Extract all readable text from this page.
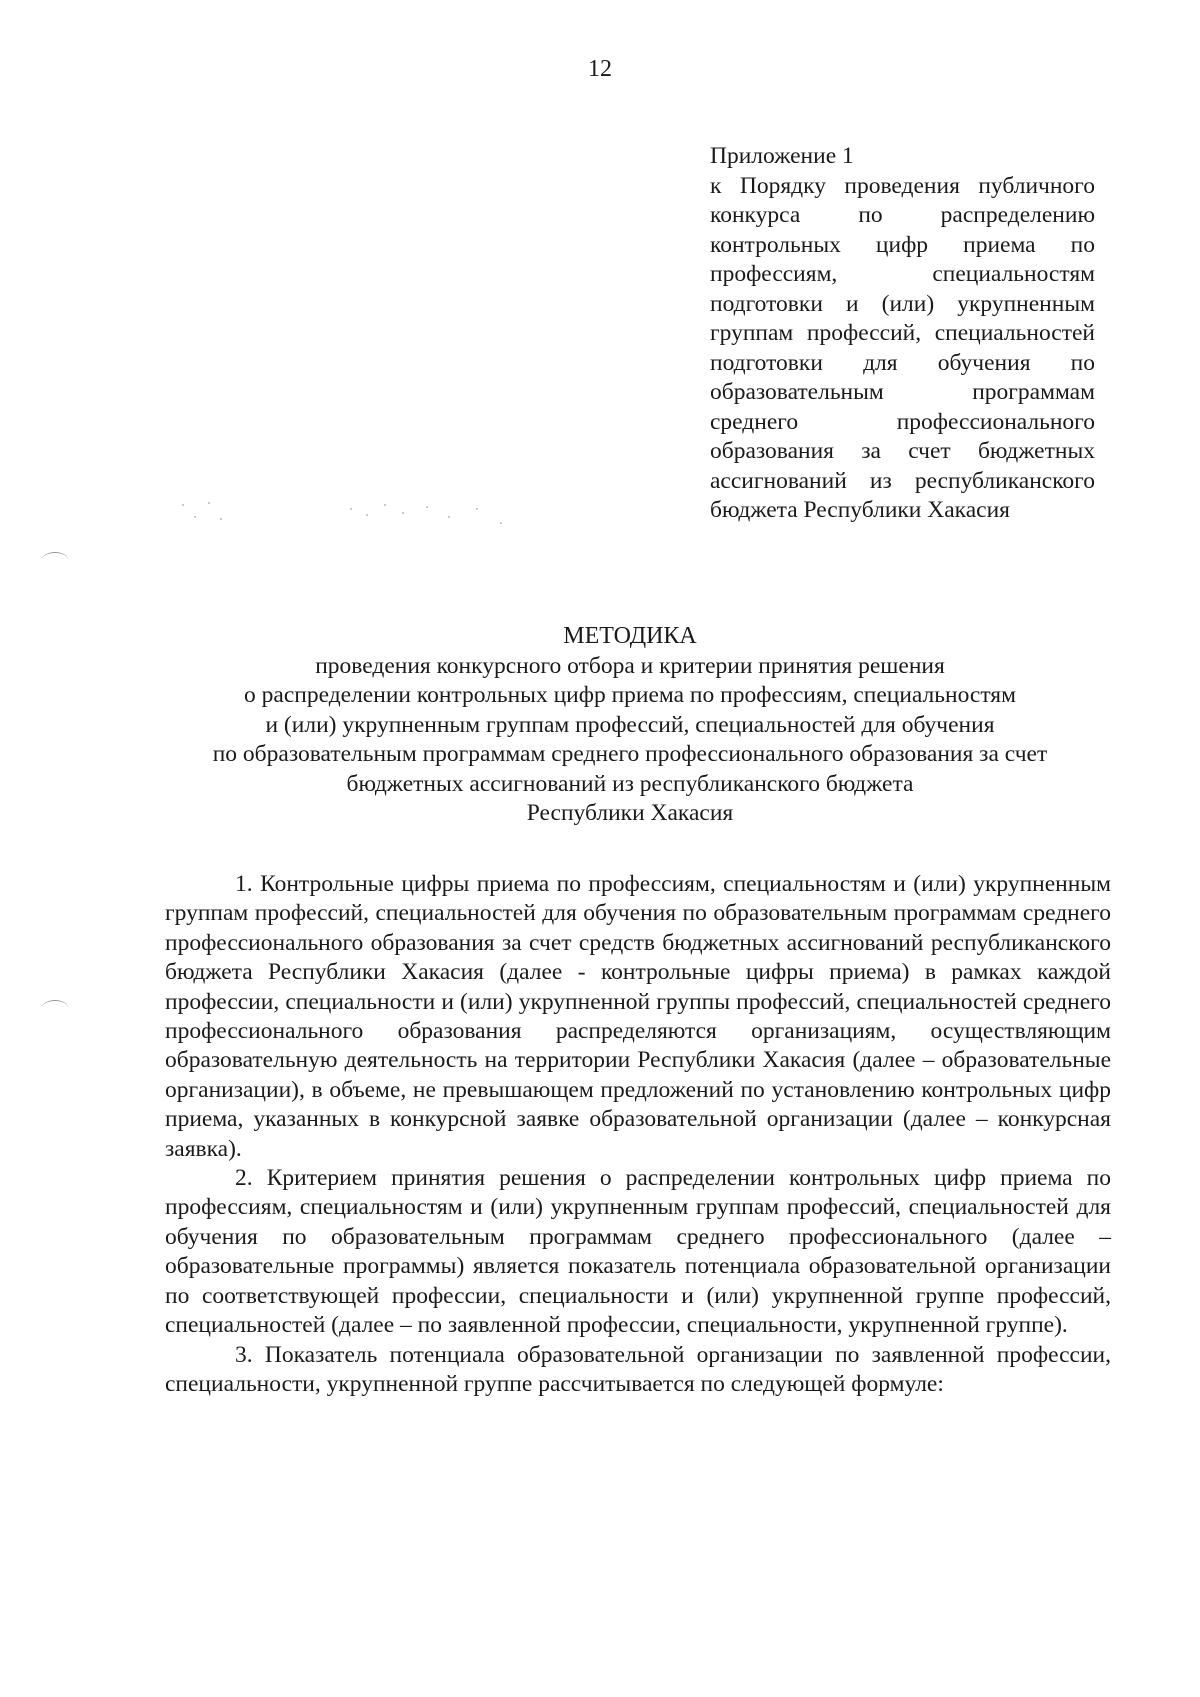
12
Приложение 1
к Порядку проведения публичного конкурса по распределению контрольных цифр приема по профессиям, специальностям подготовки и (или) укрупненным группам профессий, специальностей подготовки для обучения по образовательным программам среднего профессионального образования за счет бюджетных ассигнований из республиканского бюджета Республики Хакасия
МЕТОДИКА
проведения конкурсного отбора и критерии принятия решения
о распределении контрольных цифр приема по профессиям, специальностям
и (или) укрупненным группам профессий, специальностей для обучения
по образовательным программам среднего профессионального образования за счет
бюджетных ассигнований из республиканского бюджета
Республики Хакасия

1. Контрольные цифры приема по профессиям, специальностям и (или) укрупненным группам профессий, специальностей для обучения по образовательным программам среднего профессионального образования за счет средств бюджетных ассигнований республиканского бюджета Республики Хакасия (далее - контрольные цифры приема) в рамках каждой профессии, специальности и (или) укрупненной группы профессий, специальностей среднего профессионального образования распределяются организациям, осуществляющим образовательную деятельность на территории Республики Хакасия (далее – образовательные организации), в объеме, не превышающем предложений по установлению контрольных цифр приема, указанных в конкурсной заявке образовательной организации (далее – конкурсная заявка).

2. Критерием принятия решения о распределении контрольных цифр приема по профессиям, специальностям и (или) укрупненным группам профессий, специальностей для обучения по образовательным программам среднего профессионального (далее – образовательные программы) является показатель потенциала образовательной организации по соответствующей профессии, специальности и (или) укрупненной группе профессий, специальностей (далее – по заявленной профессии, специальности, укрупненной группе).

3. Показатель потенциала образовательной организации по заявленной профессии, специальности, укрупненной группе рассчитывается по следующей формуле:
